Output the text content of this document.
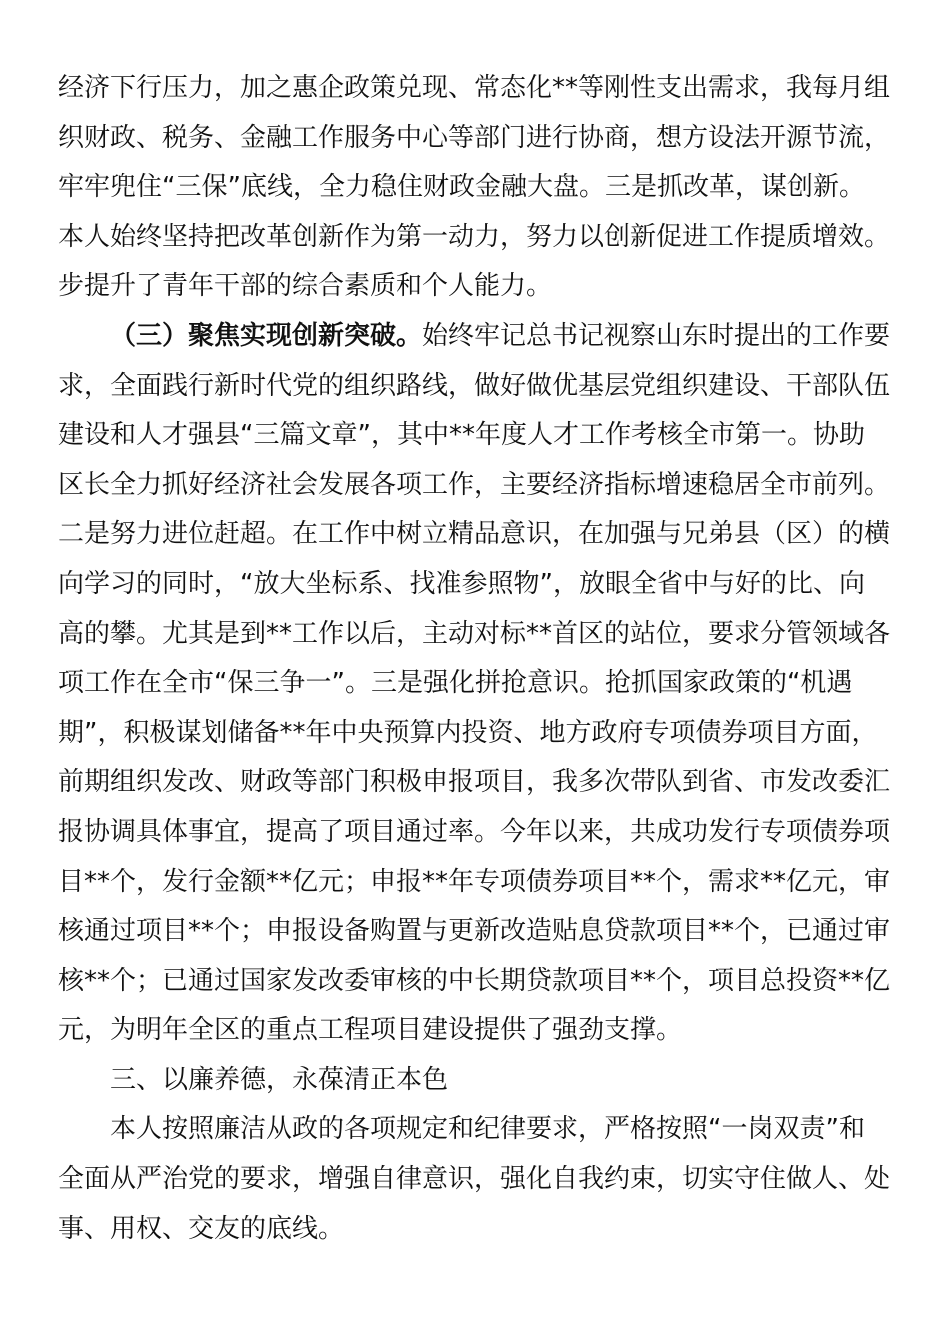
经济下行压力，加之惠企政策兑现、常态化**等刚性支出需求，我每月组
织财政、税务、金融工作服务中心等部门进行协商，想方设法开源节流，
牢牢兜住“三保”底线，全力稳住财政金融大盘。三是抓改革，谋创新。
本人始终坚持把改革创新作为第一动力，努力以创新促进工作提质增效。
步提升了青年干部的综合素质和个人能力。
（三）聚焦实现创新突破。始终牢记总书记视察山东时提出的工作要
求，全面践行新时代党的组织路线，做好做优基层党组织建设、干部队伍
建设和人才强县“三篇文章”，其中**年度人才工作考核全市第一。协助
区长全力抓好经济社会发展各项工作，主要经济指标增速稳居全市前列。
二是努力进位赶超。在工作中树立精品意识，在加强与兄弟县（区）的横
向学习的同时，“放大坐标系、找准参照物”，放眼全省中与好的比、向
高的攀。尤其是到**工作以后，主动对标**首区的站位，要求分管领域各
项工作在全市“保三争一”。三是强化拼抢意识。抢抓国家政策的“机遇
期”，积极谋划储备**年中央预算内投资、地方政府专项债券项目方面，
前期组织发改、财政等部门积极申报项目，我多次带队到省、市发改委汇
报协调具体事宜，提高了项目通过率。今年以来，共成功发行专项债券项
目**个，发行金额**亿元；申报**年专项债券项目**个，需求**亿元，审
核通过项目**个；申报设备购置与更新改造贴息贷款项目**个，已通过审
核**个；已通过国家发改委审核的中长期贷款项目**个，项目总投资**亿
元，为明年全区的重点工程项目建设提供了强劲支撑。
三、以廉养德，永葆清正本色
本人按照廉洁从政的各项规定和纪律要求，严格按照“一岗双责”和
全面从严治党的要求，增强自律意识，强化自我约束，切实守住做人、处
事、用权、交友的底线。
